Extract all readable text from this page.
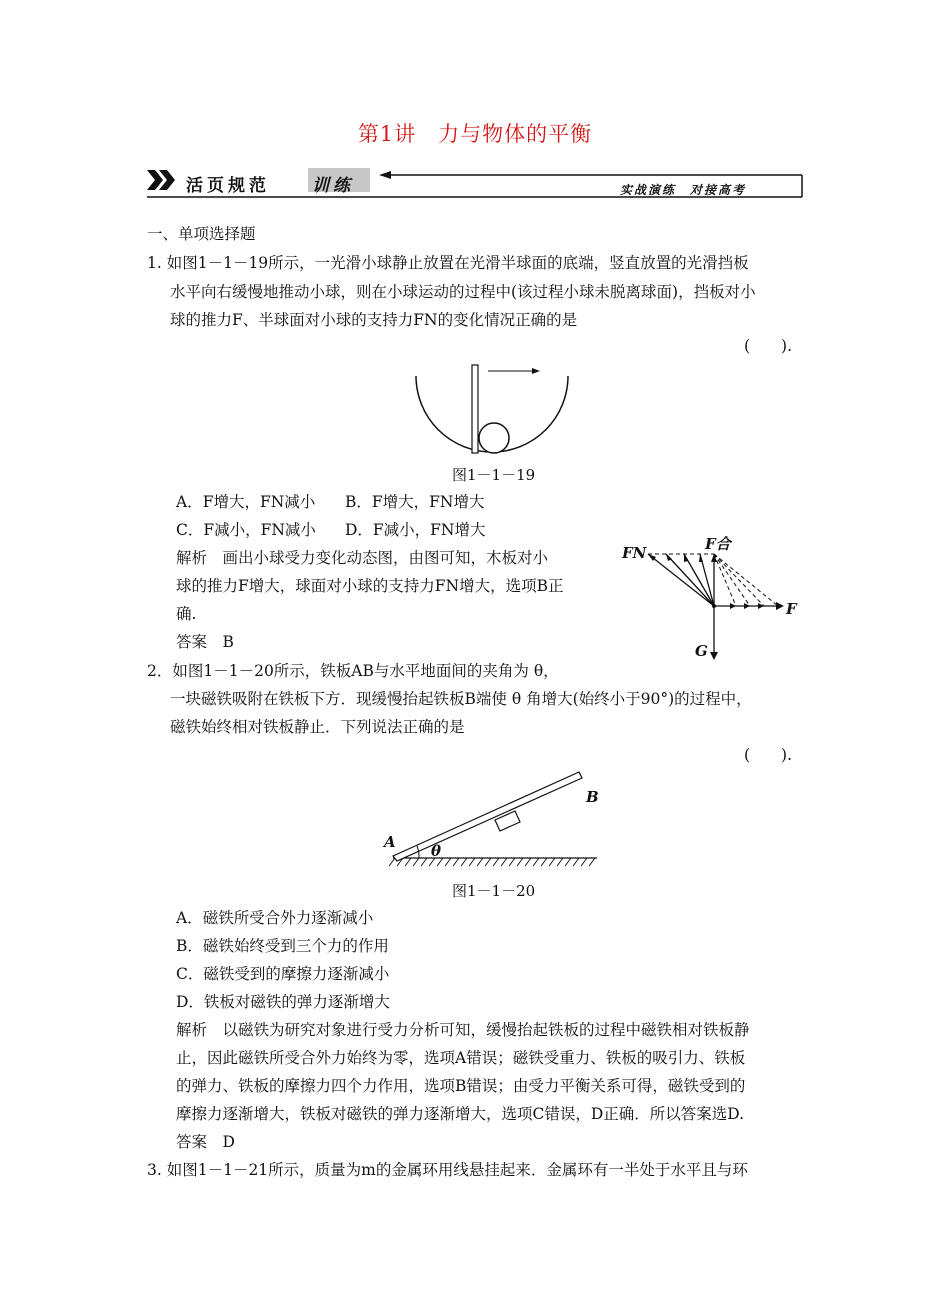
第1讲　力与物体的平衡
活页规范 训练	实战演练　对接高考
一、单项选择题
1. 如图1－1－19所示，一光滑小球静止放置在光滑半球面的底端，竖直放置的光滑挡板
水平向右缓慢地推动小球，则在小球运动的过程中(该过程小球未脱离球面)，挡板对小
球的推力F、半球面对小球的支持力FN的变化情况正确的是
(　　).
图1－1－19
A．F增大，FN减小 B．F增大，FN增大
C．F减小，FN减小 D．F减小，FN增大
解析　画出小球受力变化动态图，由图可知，木板对小
球的推力F增大，球面对小球的支持力FN增大，选项B正
确.
答案　B
FN	F合
F
G
2．如图1－1－20所示，铁板AB与水平地面间的夹角为 θ，
一块磁铁吸附在铁板下方．现缓慢抬起铁板B端使 θ 角增大(始终小于90°)的过程中，
磁铁始终相对铁板静止．下列说法正确的是
(　　).
A
B
θ
图1－1－20
A．磁铁所受合外力逐渐减小
B．磁铁始终受到三个力的作用
C．磁铁受到的摩擦力逐渐减小
D．铁板对磁铁的弹力逐渐增大
解析　以磁铁为研究对象进行受力分析可知，缓慢抬起铁板的过程中磁铁相对铁板静
止，因此磁铁所受合外力始终为零，选项A错误；磁铁受重力、铁板的吸引力、铁板
的弹力、铁板的摩擦力四个力作用，选项B错误；由受力平衡关系可得，磁铁受到的
摩擦力逐渐增大，铁板对磁铁的弹力逐渐增大，选项C错误，D正确．所以答案选D.
答案　D
3. 如图1－1－21所示，质量为m的金属环用线悬挂起来．金属环有一半处于水平且与环
